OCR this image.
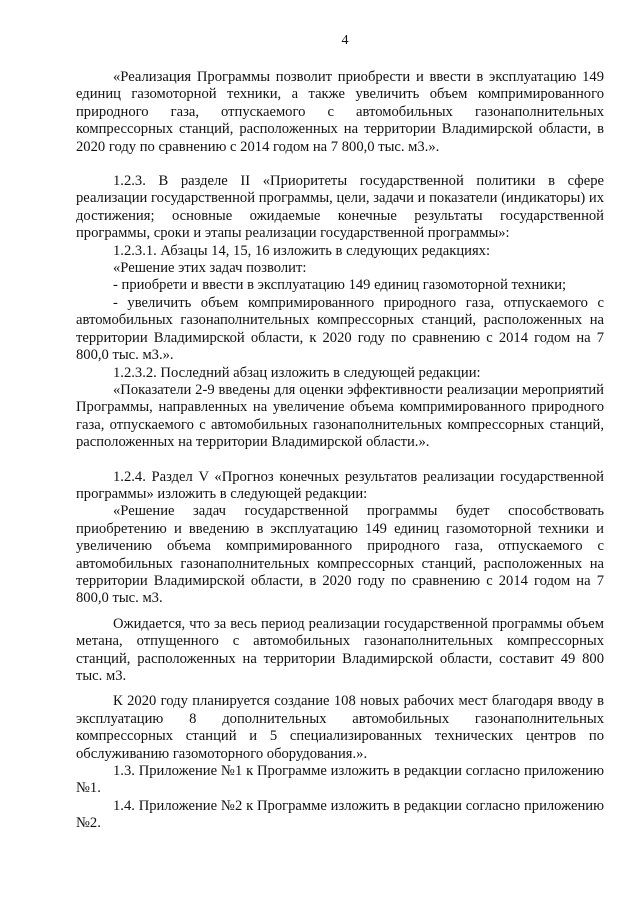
4

«Реализация Программы позволит приобрести и ввести в эксплуатацию 149 единиц газомоторной техники, а также увеличить объем компримированного природного газа, отпускаемого с автомобильных газонаполнительных компрессорных станций, расположенных на территории Владимирской области, в 2020 году по сравнению с 2014 годом на 7 800,0 тыс. м3.».

1.2.3. В разделе II «Приоритеты государственной политики в сфере реализации государственной программы, цели, задачи и показатели (индикаторы) их достижения; основные ожидаемые конечные результаты государственной программы, сроки и этапы реализации государственной программы»:

1.2.3.1. Абзацы 14, 15, 16 изложить в следующих редакциях:

«Решение этих задач позволит:

- приобрети и ввести в эксплуатацию 149 единиц газомоторной техники;

- увеличить объем компримированного природного газа, отпускаемого с автомобильных газонаполнительных компрессорных станций, расположенных на территории Владимирской области, к 2020 году по сравнению с 2014 годом на 7 800,0 тыс. м3.».

1.2.3.2. Последний абзац изложить в следующей редакции:

«Показатели 2-9 введены для оценки эффективности реализации мероприятий Программы, направленных на увеличение объема компримированного природного газа, отпускаемого с автомобильных газонаполнительных компрессорных станций, расположенных на территории Владимирской области.».

1.2.4. Раздел V «Прогноз конечных результатов реализации государственной программы» изложить в следующей редакции:

«Решение задач государственной программы будет способствовать приобретению и введению в эксплуатацию 149 единиц газомоторной техники и увеличению объема компримированного природного газа, отпускаемого с автомобильных газонаполнительных компрессорных станций, расположенных на территории Владимирской области, в 2020 году по сравнению с 2014 годом на 7 800,0 тыс. м3.

Ожидается, что за весь период реализации государственной программы объем метана, отпущенного с автомобильных газонаполнительных компрессорных станций, расположенных на территории Владимирской области, составит 49 800 тыс. м3.

К 2020 году планируется создание 108 новых рабочих мест благодаря вводу в эксплуатацию 8 дополнительных автомобильных газонаполнительных компрессорных станций и 5 специализированных технических центров по обслуживанию газомоторного оборудования.».

1.3. Приложение №1 к Программе изложить в редакции согласно приложению №1.

1.4. Приложение №2 к Программе изложить в редакции согласно приложению №2.
